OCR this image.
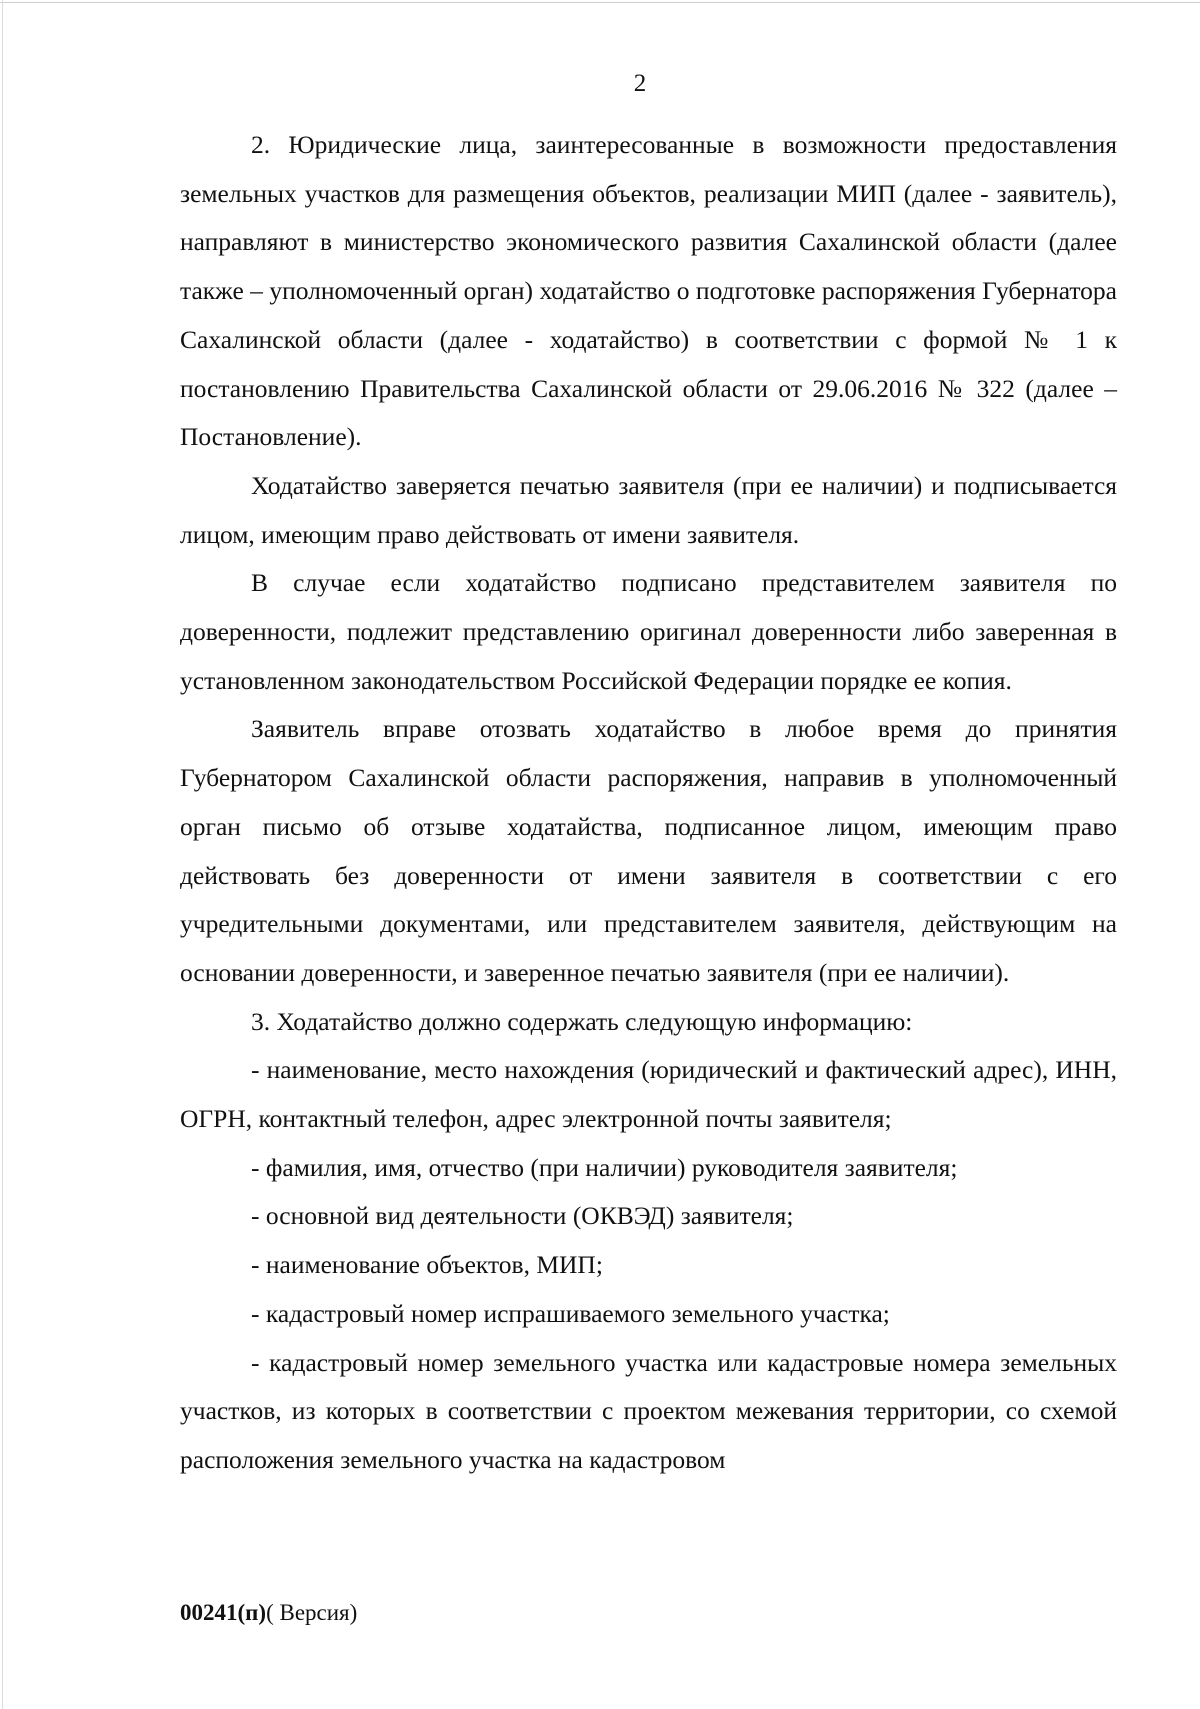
2

2. Юридические лица, заинтересованные в возможности предоставления земельных участков для размещения объектов, реализации МИП (далее - заявитель), направляют в министерство экономического развития Сахалинской области (далее также – уполномоченный орган) ходатайство о подготовке распоряжения Губернатора Сахалинской области (далее - ходатайство) в соответствии с формой № 1 к постановлению Правительства Сахалинской области от 29.06.2016 № 322 (далее – Постановление).

Ходатайство заверяется печатью заявителя (при ее наличии) и подписывается лицом, имеющим право действовать от имени заявителя.

В случае если ходатайство подписано представителем заявителя по доверенности, подлежит представлению оригинал доверенности либо заверенная в установленном законодательством Российской Федерации порядке ее копия.

Заявитель вправе отозвать ходатайство в любое время до принятия Губернатором Сахалинской области распоряжения, направив в уполномоченный орган письмо об отзыве ходатайства, подписанное лицом, имеющим право действовать без доверенности от имени заявителя в соответствии с его учредительными документами, или представителем заявителя, действующим на основании доверенности, и заверенное печатью заявителя (при ее наличии).

3. Ходатайство должно содержать следующую информацию:

- наименование, место нахождения (юридический и фактический адрес), ИНН, ОГРН, контактный телефон, адрес электронной почты заявителя;

- фамилия, имя, отчество (при наличии) руководителя заявителя;

- основной вид деятельности (ОКВЭД) заявителя;

- наименование объектов, МИП;

- кадастровый номер испрашиваемого земельного участка;

- кадастровый номер земельного участка или кадастровые номера земельных участков, из которых в соответствии с проектом межевания территории, со схемой расположения земельного участка на кадастровом

00241(п)( Версия)
